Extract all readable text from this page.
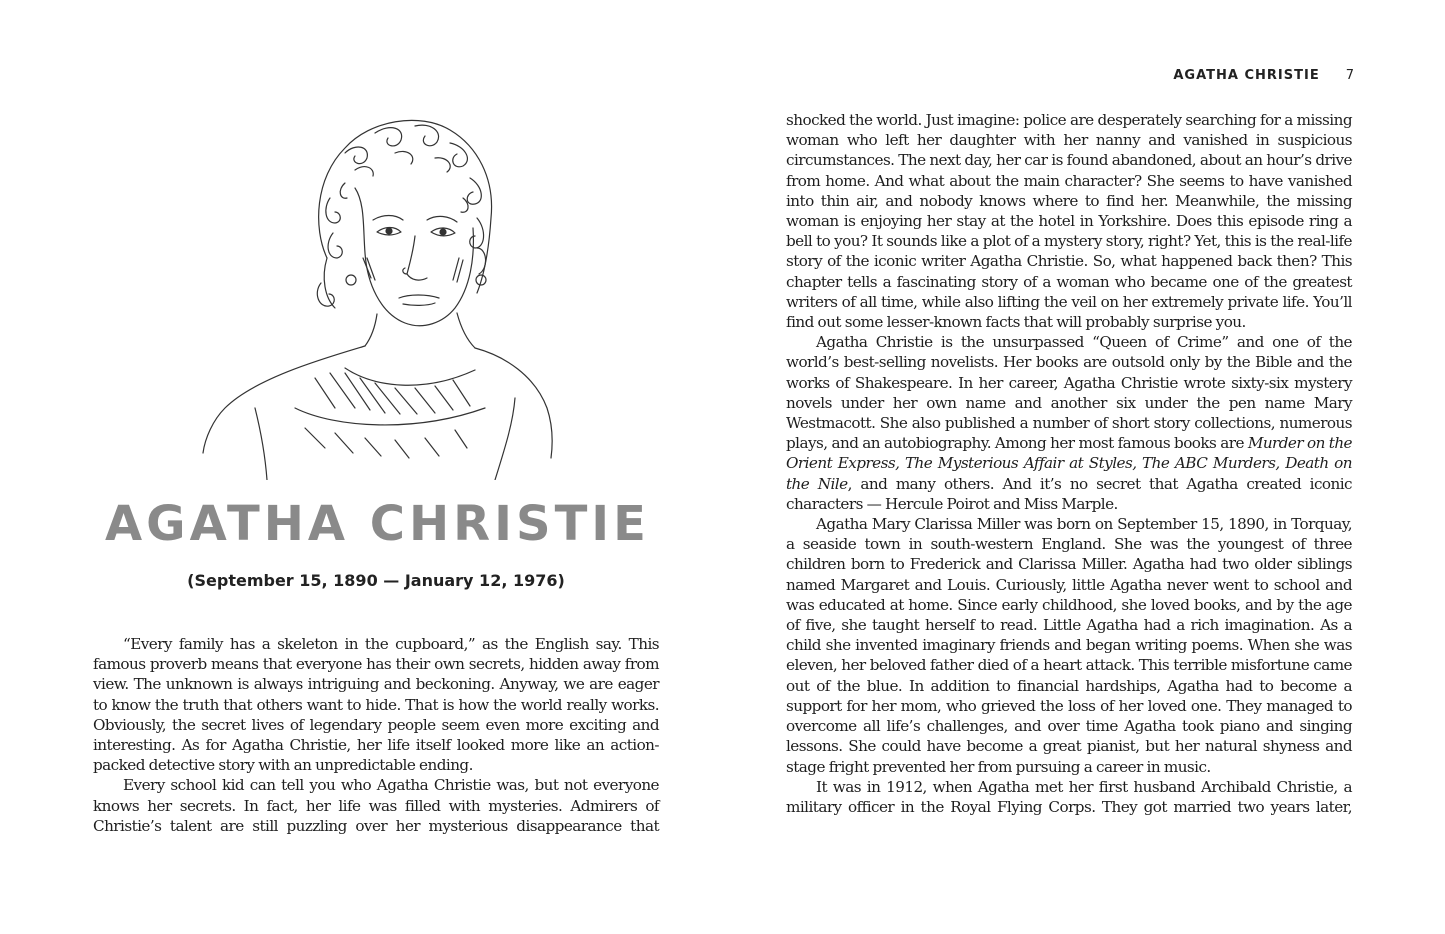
AGATHA CHRISTIE
(September 15, 1890 — January 12, 1976)

“Every family has a skeleton in the cupboard,” as the English say. This famous proverb means that everyone has their own secrets, hidden away from view. The unknown is always intriguing and beckoning. Anyway, we are eager to know the truth that others want to hide. That is how the world really works. Obviously, the secret lives of legendary people seem even more exciting and interesting. As for Agatha Christie, her life itself looked more like an action-packed detective story with an unpredictable ending.

Every school kid can tell you who Agatha Christie was, but not everyone knows her secrets. In fact, her life was filled with mysteries. Admirers of Christie’s talent are still puzzling over her mysterious disappearance that

AGATHA CHRISTIE 7

shocked the world. Just imagine: police are desperately searching for a missing woman who left her daughter with her nanny and vanished in suspicious circumstances. The next day, her car is found abandoned, about an hour’s drive from home. And what about the main character? She seems to have vanished into thin air, and nobody knows where to find her. Meanwhile, the missing woman is enjoying her stay at the hotel in Yorkshire. Does this episode ring a bell to you? It sounds like a plot of a mystery story, right? Yet, this is the real-life story of the iconic writer Agatha Christie. So, what happened back then? This chapter tells a fascinating story of a woman who became one of the greatest writers of all time, while also lifting the veil on her extremely private life. You’ll find out some lesser-known facts that will probably surprise you.

Agatha Christie is the unsurpassed “Queen of Crime” and one of the world’s best-selling novelists. Her books are outsold only by the Bible and the works of Shakespeare. In her career, Agatha Christie wrote sixty-six mystery novels under her own name and another six under the pen name Mary Westmacott. She also published a number of short story collections, numerous plays, and an autobiography. Among her most famous books are Murder on the Orient Express, The Mysterious Affair at Styles, The ABC Murders, Death on the Nile, and many others. And it’s no secret that Agatha created iconic characters — Hercule Poirot and Miss Marple.

Agatha Mary Clarissa Miller was born on September 15, 1890, in Torquay, a seaside town in south-western England. She was the youngest of three children born to Frederick and Clarissa Miller. Agatha had two older siblings named Margaret and Louis. Curiously, little Agatha never went to school and was educated at home. Since early childhood, she loved books, and by the age of five, she taught herself to read. Little Agatha had a rich imagination. As a child she invented imaginary friends and began writing poems. When she was eleven, her beloved father died of a heart attack. This terrible misfortune came out of the blue. In addition to financial hardships, Agatha had to become a support for her mom, who grieved the loss of her loved one. They managed to overcome all life’s challenges, and over time Agatha took piano and singing lessons. She could have become a great pianist, but her natural shyness and stage fright prevented her from pursuing a career in music.

It was in 1912, when Agatha met her first husband Archibald Christie, a military officer in the Royal Flying Corps. They got married two years later,
